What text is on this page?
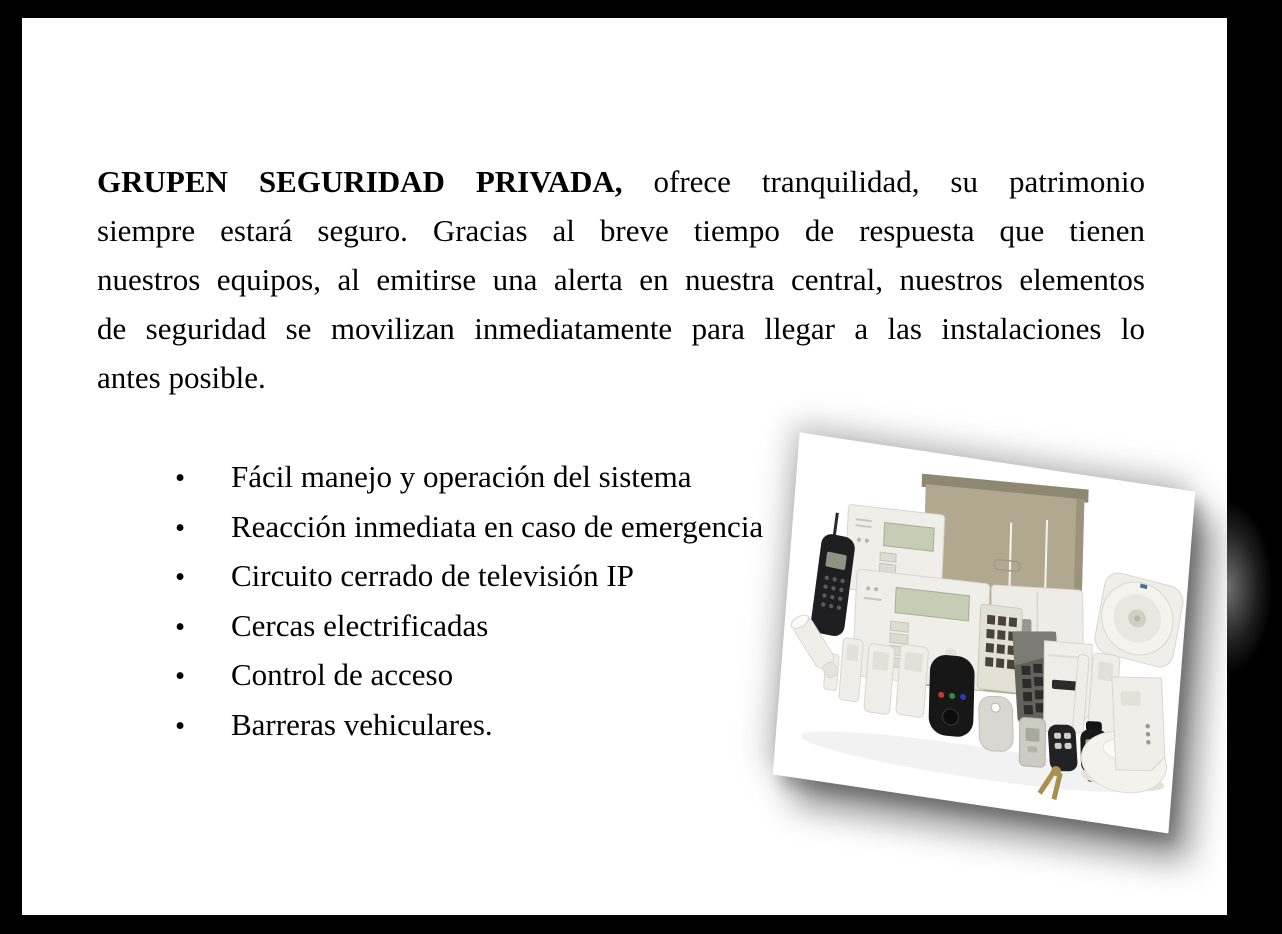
GRUPEN SEGURIDAD PRIVADA, ofrece tranquilidad, su patrimonio
siempre estará seguro. Gracias al breve tiempo de respuesta que tienen
nuestros equipos, al emitirse una alerta en nuestra central, nuestros elementos
de seguridad se movilizan inmediatamente para llegar a las instalaciones lo
antes posible.
•	Fácil manejo y operación del sistema
•	Reacción inmediata en caso de emergencia
•	Circuito cerrado de televisión IP
•	Cercas electrificadas
•	Control de acceso
•	Barreras vehiculares.
